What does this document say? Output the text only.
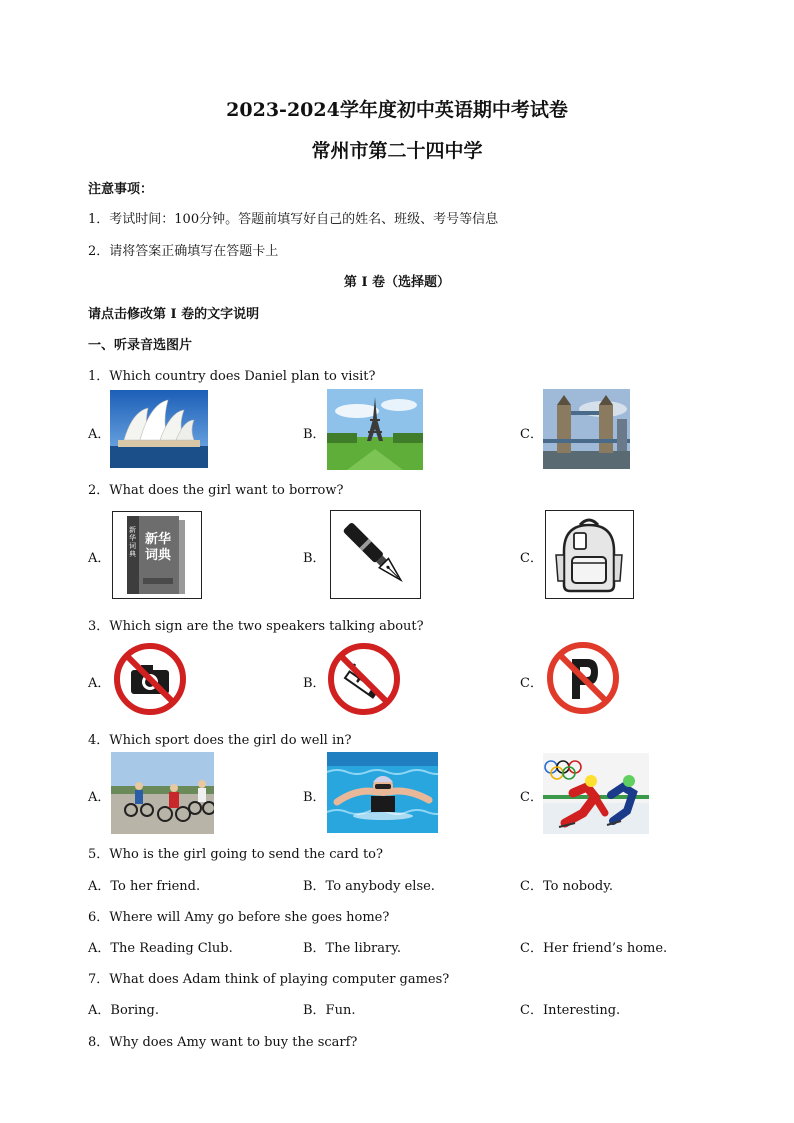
2023-2024学年度初中英语期中考试卷
常州市第二十四中学
注意事项：
1．考试时间：100分钟。答题前填写好自己的姓名、班级、考号等信息
2．请将答案正确填写在答题卡上
第 I 卷（选择题）
请点击修改第 I 卷的文字说明
一、听录音选图片
1．Which country does Daniel plan to visit?
A．	B．	C．
2．What does the girl want to borrow?
A．
新华
词典
新华词典	B．	C．
3．Which sign are the two speakers talking about?
A．	B．	C．
4．Which sport does the girl do well in?
A．	B．	C．
5．Who is the girl going to send the card to?
A．To her friend.	B．To anybody else.	C．To nobody.
6．Where will Amy go before she goes home?
A．The Reading Club.	B．The library.	C．Her friend’s home.
7．What does Adam think of playing computer games?
A．Boring.	B．Fun.	C．Interesting.
8．Why does Amy want to buy the scarf?
